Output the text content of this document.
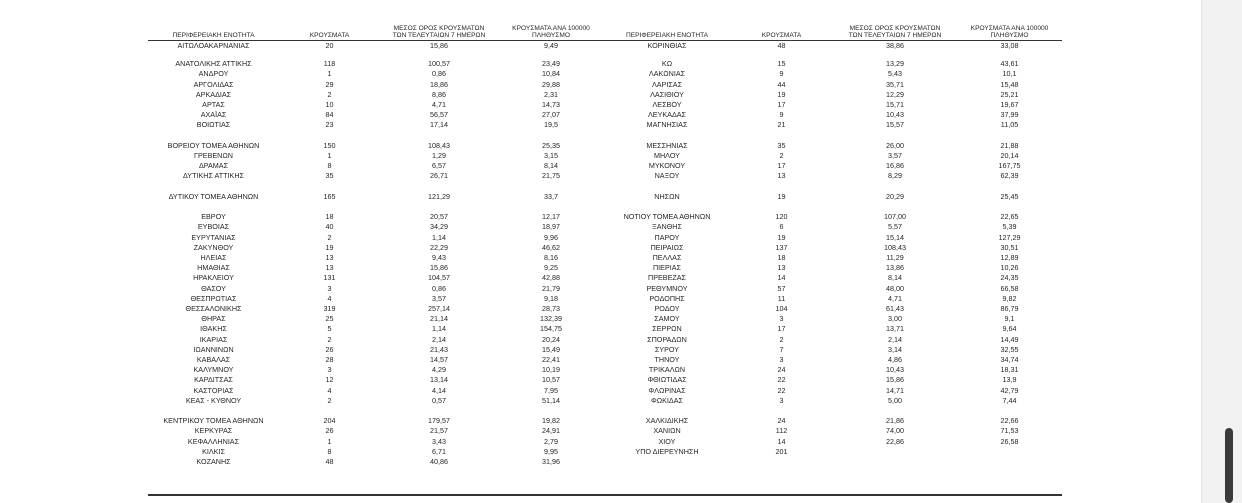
ΠΕΡΙΦΕΡΕΙΑΚΗ ΕΝΟΤΗΤΑ	ΚΡΟΥΣΜΑΤΑ	ΜΕΣΟΣ ΟΡΟΣ ΚΡΟΥΣΜΑΤΩΝ
ΤΩΝ ΤΕΛΕΥΤΑΙΩΝ 7 ΗΜΕΡΩΝ	ΚΡΟΥΣΜΑΤΑ ΑΝΑ 100000
ΠΛΗΘΥΣΜΟ
ΑΙΤΩΛΟΑΚΑΡΝΑΝΙΑΣ	20	15,86	9,49

ΑΝΑΤΟΛΙΚΗΣ ΑΤΤΙΚΗΣ	118	100,57	23,49
ΑΝΔΡΟΥ	1	0,86	10,84
ΑΡΓΟΛΙΔΑΣ	29	18,86	29,88
ΑΡΚΑΔΙΑΣ	2	8,86	2,31
ΑΡΤΑΣ	10	4,71	14,73
ΑΧΑΪΑΣ	84	56,57	27,07
ΒΟΙΩΤΙΑΣ	23	17,14	19,5

ΒΟΡΕΙΟΥ ΤΟΜΕΑ ΑΘΗΝΩΝ	150	108,43	25,35
ΓΡΕΒΕΝΩΝ	1	1,29	3,15
ΔΡΑΜΑΣ	8	6,57	8,14
ΔΥΤΙΚΗΣ ΑΤΤΙΚΗΣ	35	26,71	21,75

ΔΥΤΙΚΟΥ ΤΟΜΕΑ ΑΘΗΝΩΝ	165	121,29	33,7

ΕΒΡΟΥ	18	20,57	12,17
ΕΥΒΟΙΑΣ	40	34,29	18,97
ΕΥΡΥΤΑΝΙΑΣ	2	1,14	9,96
ΖΑΚΥΝΘΟΥ	19	22,29	46,62
ΗΛΕΙΑΣ	13	9,43	8,16
ΗΜΑΘΙΑΣ	13	15,86	9,25
ΗΡΑΚΛΕΙΟΥ	131	104,57	42,88
ΘΑΣΟΥ	3	0,86	21,79
ΘΕΣΠΡΩΤΙΑΣ	4	3,57	9,18
ΘΕΣΣΑΛΟΝΙΚΗΣ	319	257,14	28,73
ΘΗΡΑΣ	25	21,14	132,39
ΙΘΑΚΗΣ	5	1,14	154,75
ΙΚΑΡΙΑΣ	2	2,14	20,24
ΙΩΑΝΝΙΝΩΝ	26	21,43	15,49
ΚΑΒΑΛΑΣ	28	14,57	22,41
ΚΑΛΥΜΝΟΥ	3	4,29	10,19
ΚΑΡΔΙΤΣΑΣ	12	13,14	10,57
ΚΑΣΤΟΡΙΑΣ	4	4,14	7,95
ΚΕΑΣ - ΚΥΘΝΟΥ	2	0,57	51,14

ΚΕΝΤΡΙΚΟΥ ΤΟΜΕΑ ΑΘΗΝΩΝ	204	179,57	19,82
ΚΕΡΚΥΡΑΣ	26	21,57	24,91
ΚΕΦΑΛΛΗΝΙΑΣ	1	3,43	2,79
ΚΙΛΚΙΣ	8	6,71	9,95
ΚΟΖΑΝΗΣ	48	40,86	31,96
ΠΕΡΙΦΕΡΕΙΑΚΗ ΕΝΟΤΗΤΑ	ΚΡΟΥΣΜΑΤΑ	ΜΕΣΟΣ ΟΡΟΣ ΚΡΟΥΣΜΑΤΩΝ
ΤΩΝ ΤΕΛΕΥΤΑΙΩΝ 7 ΗΜΕΡΩΝ	ΚΡΟΥΣΜΑΤΑ ΑΝΑ 100000
ΠΛΗΘΥΣΜΟ
ΚΟΡΙΝΘΙΑΣ	48	38,86	33,08

ΚΩ	15	13,29	43,61
ΛΑΚΩΝΙΑΣ	9	5,43	10,1
ΛΑΡΙΣΑΣ	44	35,71	15,48
ΛΑΣΙΘΙΟΥ	19	12,29	25,21
ΛΕΣΒΟΥ	17	15,71	19,67
ΛΕΥΚΑΔΑΣ	9	10,43	37,99
ΜΑΓΝΗΣΙΑΣ	21	15,57	11,05

ΜΕΣΣΗΝΙΑΣ	35	26,00	21,88
ΜΗΛΟΥ	2	3,57	20,14
ΜΥΚΟΝΟΥ	17	16,86	167,75
ΝΑΞΟΥ	13	8,29	62,39

ΝΗΣΩΝ	19	20,29	25,45

ΝΟΤΙΟΥ ΤΟΜΕΑ ΑΘΗΝΩΝ	120	107,00	22,65
ΞΑΝΘΗΣ	6	5,57	5,39
ΠΑΡΟΥ	19	15,14	127,29
ΠΕΙΡΑΙΩΣ	137	108,43	30,51
ΠΕΛΛΑΣ	18	11,29	12,89
ΠΙΕΡΙΑΣ	13	13,86	10,26
ΠΡΕΒΕΖΑΣ	14	8,14	24,35
ΡΕΘΥΜΝΟΥ	57	48,00	66,58
ΡΟΔΟΠΗΣ	11	4,71	9,82
ΡΟΔΟΥ	104	61,43	86,79
ΣΑΜΟΥ	3	3,00	9,1
ΣΕΡΡΩΝ	17	13,71	9,64
ΣΠΟΡΑΔΩΝ	2	2,14	14,49
ΣΥΡΟΥ	7	3,14	32,55
ΤΗΝΟΥ	3	4,86	34,74
ΤΡΙΚΑΛΩΝ	24	10,43	18,31
ΦΘΙΩΤΙΔΑΣ	22	15,86	13,9
ΦΛΩΡΙΝΑΣ	22	14,71	42,79
ΦΩΚΙΔΑΣ	3	5,00	7,44

ΧΑΛΚΙΔΙΚΗΣ	24	21,86	22,66
ΧΑΝΙΩΝ	112	74,00	71,53
ΧΙΟΥ	14	22,86	26,58
ΥΠΟ ΔΙΕΡΕΥΝΗΣΗ	201		
